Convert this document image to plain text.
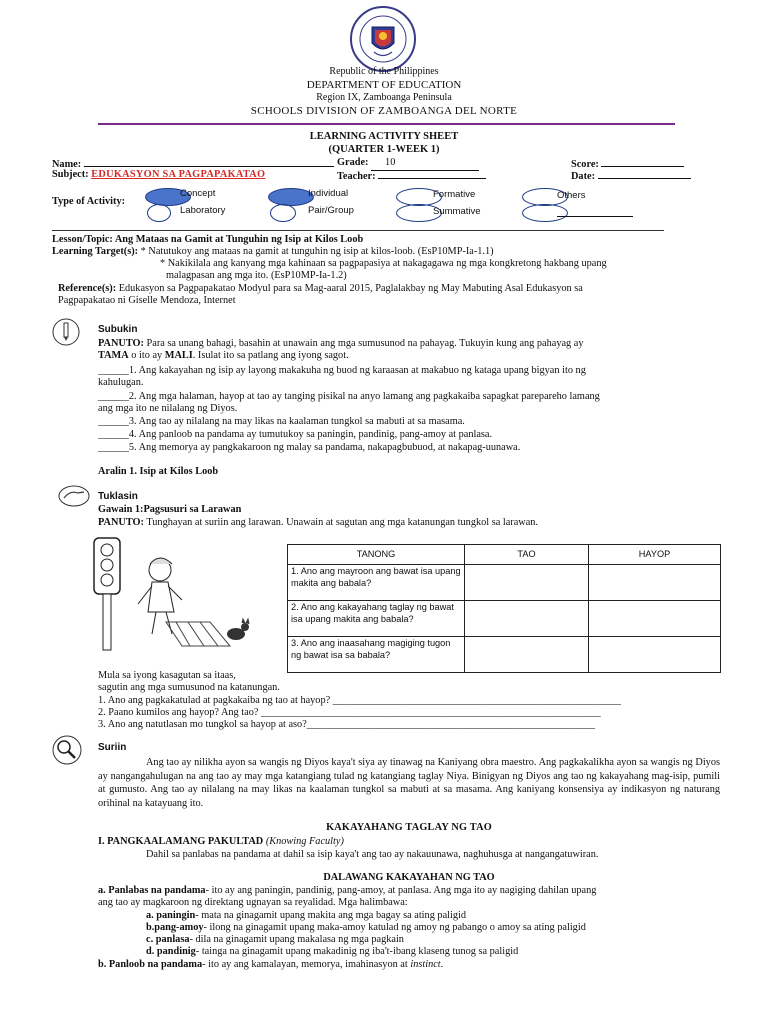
Republic of the Philippines
DEPARTMENT OF EDUCATION
Region IX, Zamboanga Peninsula
SCHOOLS DIVISION OF ZAMBOANGA DEL NORTE
LEARNING ACTIVITY SHEET
(QUARTER 1-WEEK 1)
Name:
Subject: EDUKASYON SA PAGPAPAKATAO
Grade: 10
Teacher:
Score:
Date:
Type of Activity:
Concept
Laboratory
Individual
Pair/Group
Formative
Summative
Others
Lesson/Topic: Ang Mataas na Gamit at Tunguhin ng Isip at Kilos Loob
Learning Target(s): * Natutukoy ang mataas na gamit at tunguhin ng isip at kilos-loob. (EsP10MP-Ia-1.1)
* Nakikilala ang kanyang mga kahinaan sa pagpapasiya at nakagagawa ng mga kongkretong hakbang upang
malagpasan ang mga ito. (EsP10MP-Ia-1.2)
Reference(s): Edukasyon sa Pagpapakatao Modyul para sa Mag-aaral 2015, Paglalakbay ng May Mabuting Asal Edukasyon sa
Pagpapakatao ni Giselle Mendoza, Internet
Subukin
PANUTO: Para sa unang bahagi, basahin at unawain ang mga sumusunod na pahayag. Tukuyin kung ang pahayag ay
TAMA o ito ay MALI. Isulat ito sa patlang ang iyong sagot.
______1. Ang kakayahan ng isip ay layong makakuha ng buod ng karaasan at makabuo ng kataga upang bigyan ito ng
kahulugan.
______2. Ang mga halaman, hayop at tao ay tanging pisikal na anyo lamang ang pagkakaiba sapagkat parepareho lamang
ang mga ito ne nilalang ng Diyos.
______3. Ang tao ay nilalang na may likas na kaalaman tungkol sa mabuti at sa masama.
______4. Ang panloob na pandama ay tumutukoy sa paningin, pandinig, pang-amoy at panlasa.
______5. Ang memorya ay pangkakaroon ng malay sa pandama, nakapagbubuod, at nakapag-uunawa.
Aralin 1. Isip at Kilos Loob
Tuklasin
Gawain 1:Pagsusuri sa Larawan
PANUTO: Tunghayan at suriin ang larawan. Unawain at sagutan ang mga katanungan tungkol sa larawan.
TANONG	TAO	HAYOP
1. Ano ang mayroon ang bawat isa upang makita ang babala?		
2. Ano ang kakayahang taglay ng bawat isa upang makita ang babala?		
3. Ano ang inaasahang magiging tugon ng bawat isa sa babala?		
Mula sa iyong kasagutan sa itaas,
sagutin ang mga sumusunod na katanungan.
1. Ano ang pagkakatulad at pagkakaiba ng tao at hayop? ________________________________________________________
2. Paano kumilos ang hayop? Ang tao? __________________________________________________________________
3. Ano ang natutlasan mo tungkol sa hayop at aso?________________________________________________________
Suriin
Ang tao ay nilikha ayon sa wangis ng Diyos kaya't siya ay tinawag na Kaniyang obra maestro. Ang pagkakalikha ayon sa wangis ng Diyos ay nangangahulugan na ang tao ay may mga katangiang tulad ng katangiang taglay Niya. Binigyan ng Diyos ang tao ng kakayahang mag-isip, pumili at gumusto. Ang tao ay nilalang na may likas na kaalaman tungkol sa mabuti at sa masama. Ang kaniyang konsensiya ay indikasyon ng naturang orihinal na katayuang ito.
KAKAYAHANG TAGLAY NG TAO
I. PANGKAALAMANG PAKULTAD (Knowing Faculty)
Dahil sa panlabas na pandama at dahil sa isip kaya't ang tao ay nakauunawa, naghuhusga at nangangatuwiran.
DALAWANG KAKAYAHAN NG TAO
a. Panlabas na pandama- ito ay ang paningin, pandinig, pang-amoy, at panlasa. Ang mga ito ay nagiging dahilan upang
ang tao ay magkaroon ng direktang ugnayan sa reyalidad. Mga halimbawa:
a. paningin- mata na ginagamit upang makita ang mga bagay sa ating paligid
b.pang-amoy- ilong na ginagamit upang maka-amoy katulad ng amoy ng pabango o amoy sa ating paligid
c. panlasa- dila na ginagamit upang makalasa ng mga pagkain
d. pandinig- tainga na ginagamit upang makadinig ng iba't-ibang klaseng tunog sa paligid
b. Panloob na pandama- ito ay ang kamalayan, memorya, imahinasyon at instinct.
